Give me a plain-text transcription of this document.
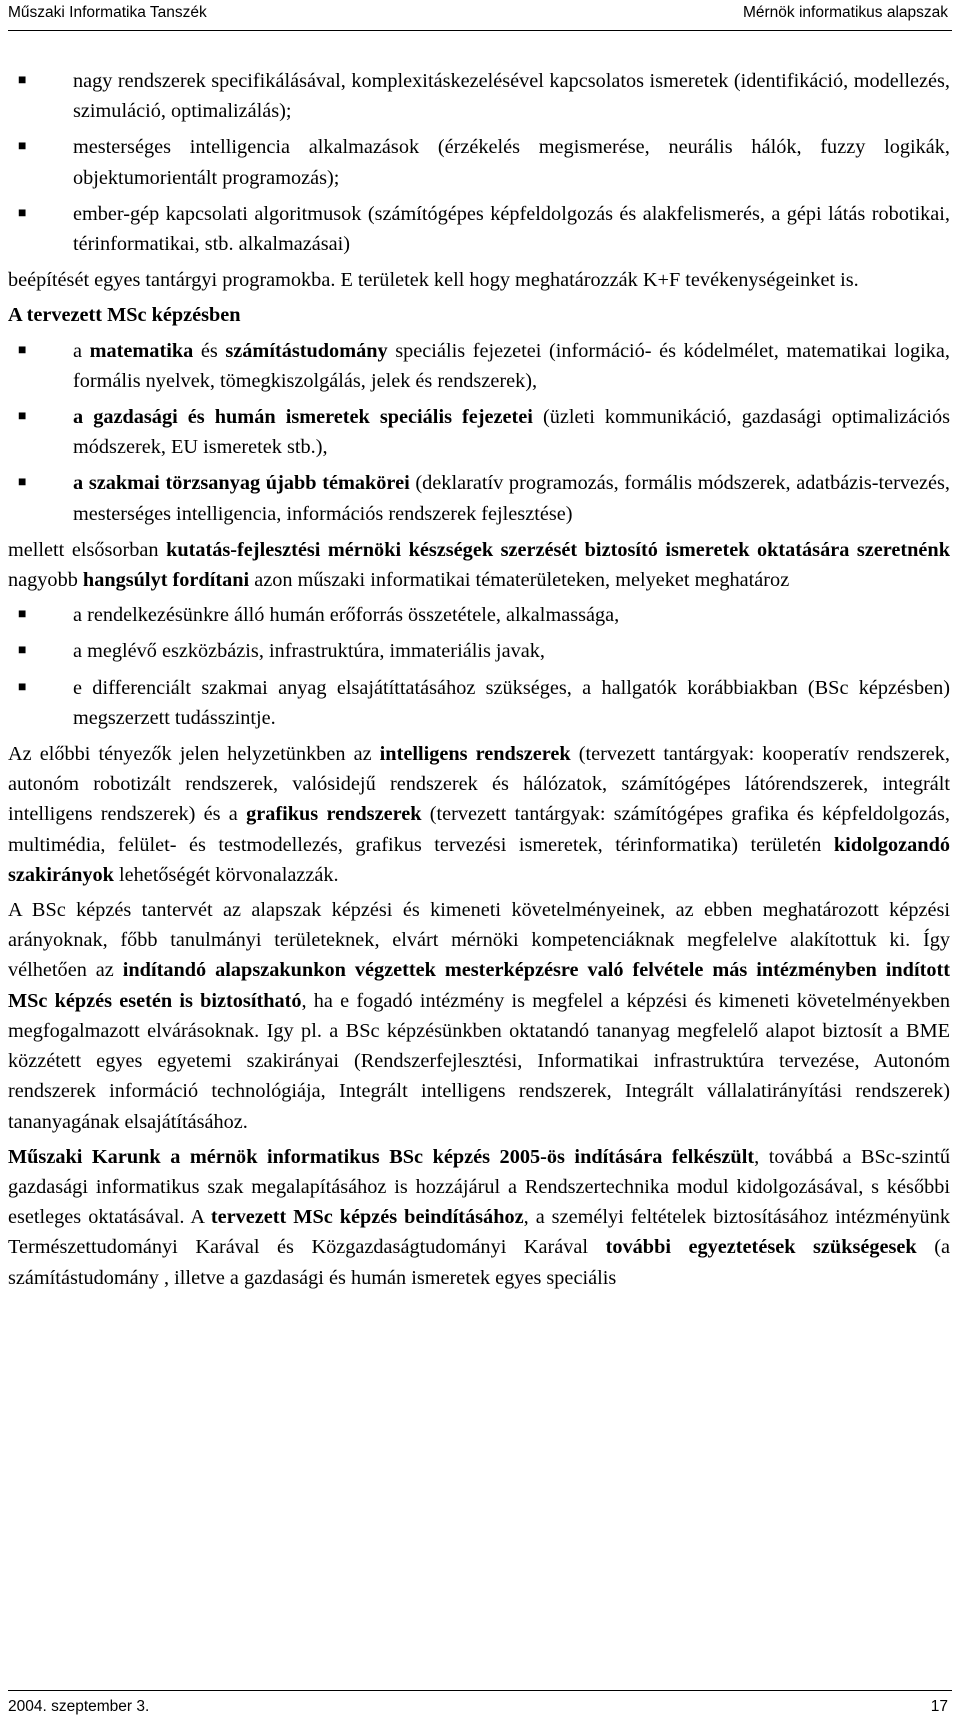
Műszaki Informatika Tanszék	Mérnök informatikus alapszak
■ nagy rendszerek specifikálásával, komplexitáskezelésével kapcsolatos ismeretek (identifikáció, modellezés, szimuláció, optimalizálás);
■ mesterséges intelligencia alkalmazások (érzékelés megismerése, neurális hálók, fuzzy logikák, objektumorientált programozás);
■ ember-gép kapcsolati algoritmusok (számítógépes képfeldolgozás és alakfelismerés, a gépi látás robotikai, térinformatikai, stb. alkalmazásai)

beépítését egyes tantárgyi programokba. E területek kell hogy meghatározzák K+F tevékenységeinket is.

A tervezett MSc képzésben

■ a matematika és számítástudomány speciális fejezetei (információ- és kódelmélet, matematikai logika, formális nyelvek, tömegkiszolgálás, jelek és rendszerek),
■ a gazdasági és humán ismeretek speciális fejezetei (üzleti kommunikáció, gazdasági optimalizációs módszerek, EU ismeretek stb.),
■ a szakmai törzsanyag újabb témakörei (deklaratív programozás, formális módszerek, adatbázis-tervezés, mesterséges intelligencia, információs rendszerek fejlesztése)

mellett elsősorban kutatás-fejlesztési mérnöki készségek szerzését biztosító ismeretek oktatására szeretnénk nagyobb hangsúlyt fordítani azon műszaki informatikai tématerületeken, melyeket meghatároz

■ a rendelkezésünkre álló humán erőforrás összetétele, alkalmassága,
■ a meglévő eszközbázis, infrastruktúra, immateriális javak,
■ e differenciált szakmai anyag elsajátíttatásához szükséges, a hallgatók korábbiakban (BSc képzésben) megszerzett tudásszintje.

Az előbbi tényezők jelen helyzetünkben az intelligens rendszerek (tervezett tantárgyak: kooperatív rendszerek, autonóm robotizált rendszerek, valósidejű rendszerek és hálózatok, számítógépes látórendszerek, integrált intelligens rendszerek) és a grafikus rendszerek (tervezett tantárgyak: számítógépes grafika és képfeldolgozás, multimédia, felület- és testmodellezés, grafikus tervezési ismeretek, térinformatika) területén kidolgozandó szakirányok lehetőségét körvonalazzák.

A BSc képzés tantervét az alapszak képzési és kimeneti követelményeinek, az ebben meghatározott képzési arányoknak, főbb tanulmányi területeknek, elvárt mérnöki kompetenciáknak megfelelve alakítottuk ki. Így vélhetően az indítandó alapszakunkon végzettek mesterképzésre való felvétele más intézményben indított MSc képzés esetén is biztosítható, ha e fogadó intézmény is megfelel a képzési és kimeneti követelményekben megfogalmazott elvárásoknak. Igy pl. a BSc képzésünkben oktatandó tananyag megfelelő alapot biztosít a BME közzétett egyes egyetemi szakirányai (Rendszerfejlesztési, Informatikai infrastruktúra tervezése, Autonóm rendszerek információ technológiája, Integrált intelligens rendszerek, Integrált vállalatirányítási rendszerek) tananyagának elsajátításához.

Műszaki Karunk a mérnök informatikus BSc képzés 2005-ös indítására felkészült, továbbá a BSc-szintű gazdasági informatikus szak megalapításához is hozzájárul a Rendszertechnika modul kidolgozásával, s későbbi esetleges oktatásával. A tervezett MSc képzés beindításához, a személyi feltételek biztosításához intézményünk Természettudományi Karával és Közgazdaságtudományi Karával további egyeztetések szükségesek (a számítástudomány , illetve a gazdasági és humán ismeretek egyes speciális

2004. szeptember 3.	17
